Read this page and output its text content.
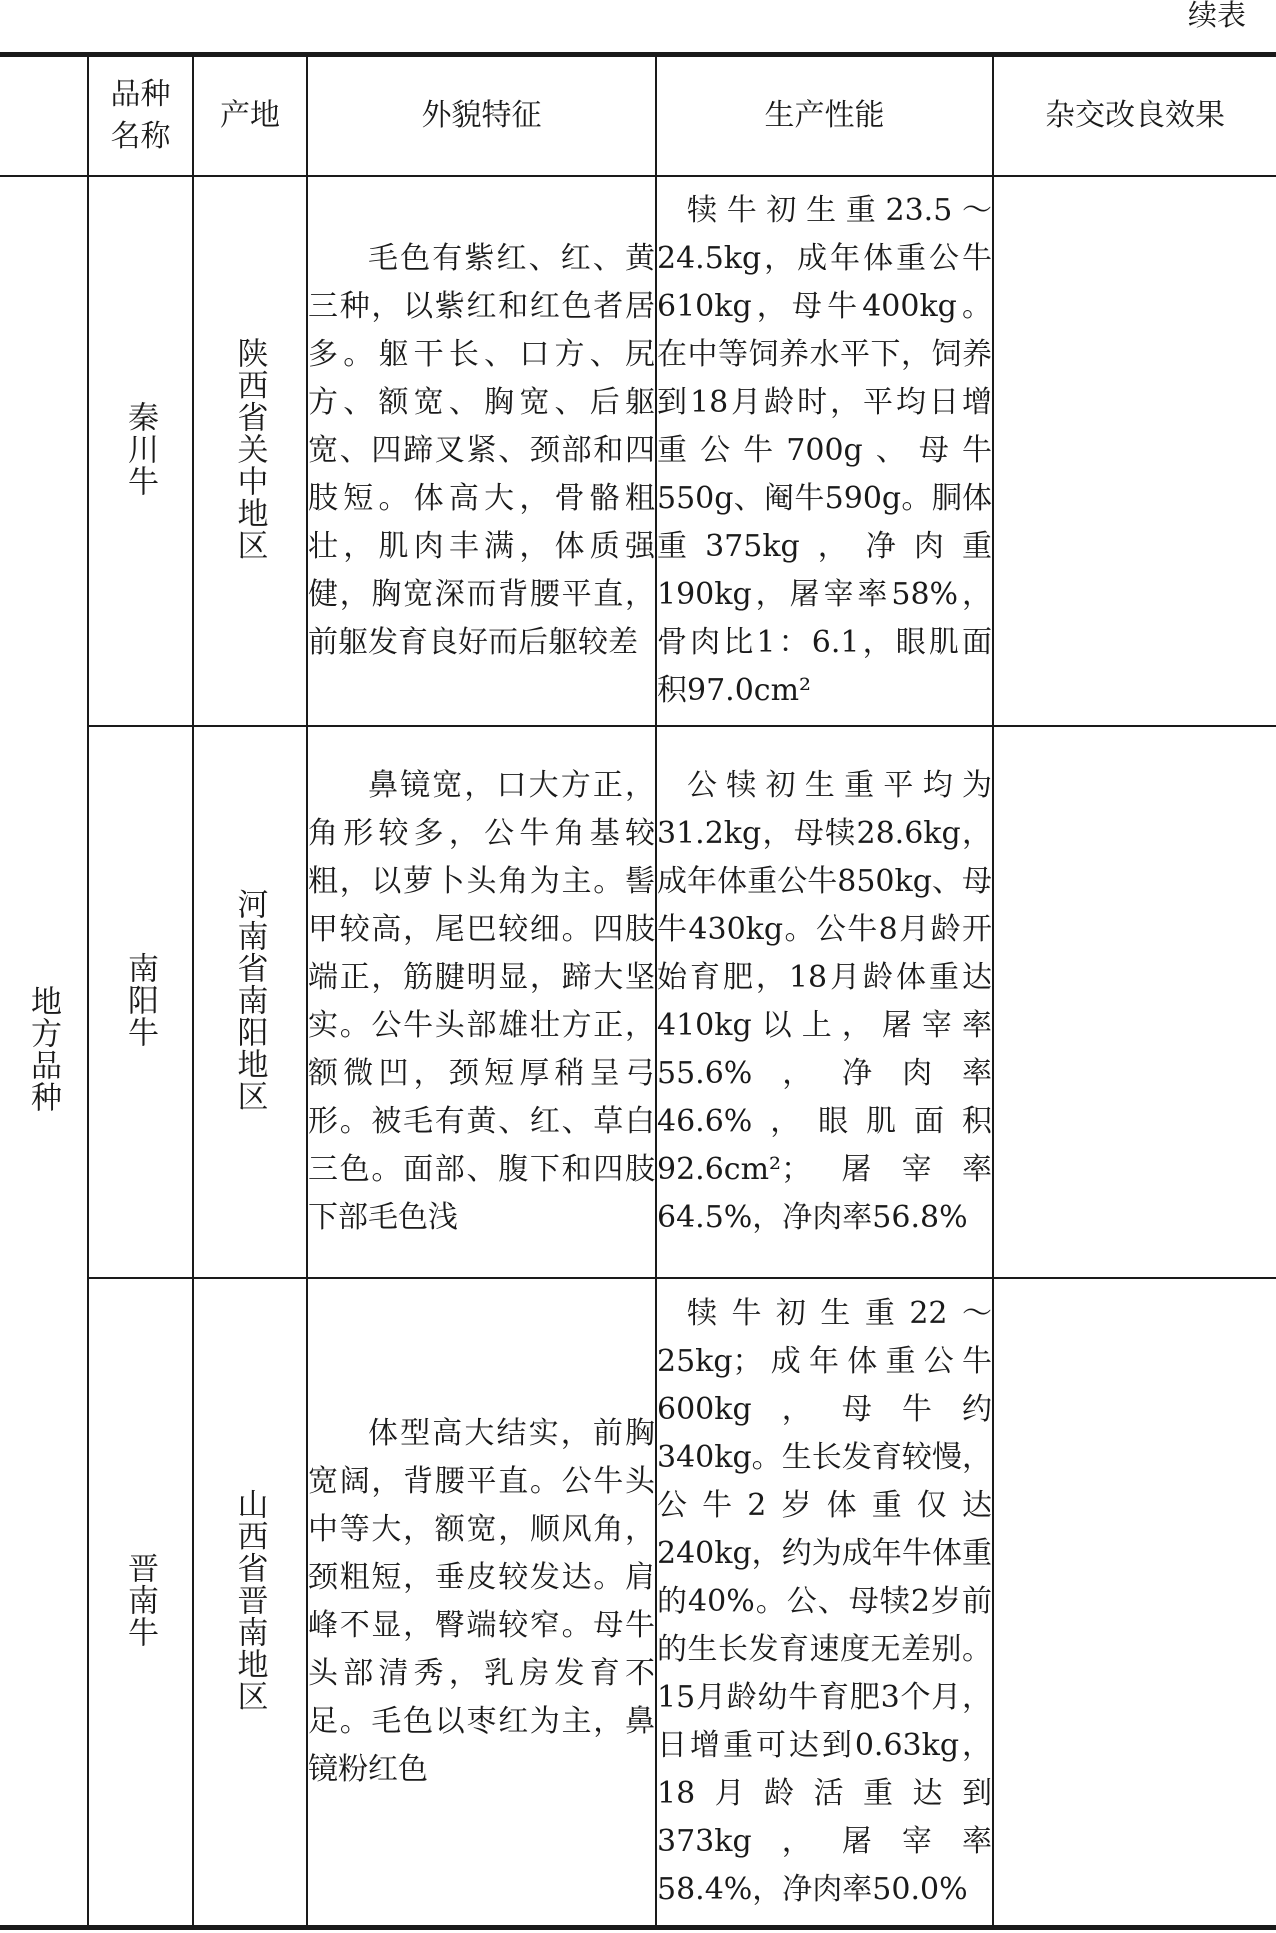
续表
	品种名称	产地	外貌特征	生产性能	杂交改良效果
地方品种	秦川牛	陕西省关中地区	毛色有紫红、红、黄三种，以紫红和红色者居多。躯干长、口方、尻方、额宽、胸宽、后躯宽、四蹄叉紧、颈部和四肢短。体高大，骨骼粗壮，肌肉丰满，体质强健，胸宽深而背腰平直，前躯发育良好而后躯较差	犊牛初生重23.5～24.5kg，成年体重公牛610kg，母牛400kg。在中等饲养水平下，饲养到18月龄时，平均日增重公牛700g、母牛550g、阉牛590g。胴体重375kg，净肉重190kg，屠宰率58%，骨肉比1：6.1，眼肌面积97.0cm²	
	南阳牛	河南省南阳地区	鼻镜宽，口大方正，角形较多，公牛角基较粗，以萝卜头角为主。髻甲较高，尾巴较细。四肢端正，筋腱明显，蹄大坚实。公牛头部雄壮方正，额微凹，颈短厚稍呈弓形。被毛有黄、红、草白三色。面部、腹下和四肢下部毛色浅	公犊初生重平均为31.2kg，母犊28.6kg，成年体重公牛850kg、母牛430kg。公牛8月龄开始育肥，18月龄体重达410kg以上，屠宰率55.6%，净肉率46.6%，眼肌面积92.6cm²；屠宰率64.5%，净肉率56.8%	
	晋南牛	山西省晋南地区	体型高大结实，前胸宽阔，背腰平直。公牛头中等大，额宽，顺风角，颈粗短，垂皮较发达。肩峰不显，臀端较窄。母牛头部清秀，乳房发育不足。毛色以枣红为主，鼻镜粉红色	犊牛初生重22～25kg；成年体重公牛600kg，母牛约340kg。生长发育较慢，公牛2岁体重仅达240kg，约为成年牛体重的40%。公、母犊2岁前的生长发育速度无差别。15月龄幼牛育肥3个月，日增重可达到0.63kg，18月龄活重达到373kg，屠宰率58.4%，净肉率50.0%	
